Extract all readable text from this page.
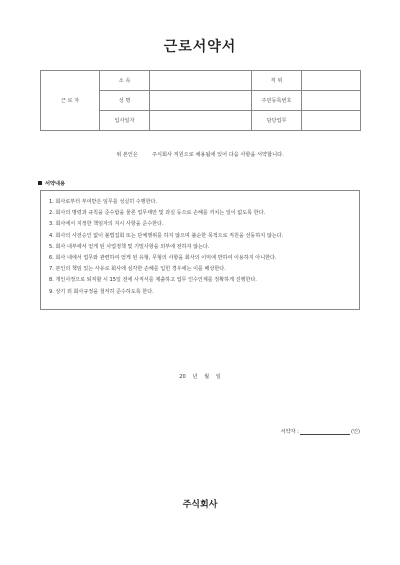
근로서약서
근 로 자	소 속		직 위	
	성 명		주민등록번호	
	입사일자		담당업무	
위 본인은	주식회사 직원으로 채용됨에 있어 다음 사항을 서약합니다.
서약내용
1. 회사로부터 부여받은 임무를 성실히 수행한다.
2. 회사의 명령과 규칙을 준수함을 물론 업무태만 및 과실 등으로 손해를 끼치는 일이 없도록 한다.
3. 회사에서 지정한 책임자의 지시 사항을 준수한다.
4. 회사의 사전승인 없이 불법집회 또는 단체행위를 하지 않으며 불순한 목적으로 직원을 선동하지 않는다.
5. 회사 내부에서 얻게 된 사업정책 및 기밀사항을 외부에 전하지 않는다.
6. 회사 내에서 업무와 관련하여 얻게 된 유형, 무형의 사항을 회사의 이익에 반하여 이용하지 아니한다.
7. 본인의 책임 있는 사유로 회사에 심각한 손해를 입힌 경우에는 이를 배상한다.
8. 개인사정으로 퇴직할 시 15일 전에 사직서를 제출하고 업무 인수인계를 정확하게 진행한다.
9. 상기 외 회사규정을 철저히 준수하도록 한다.
20 년 월 일
서약자 :	(인)
주식회사
